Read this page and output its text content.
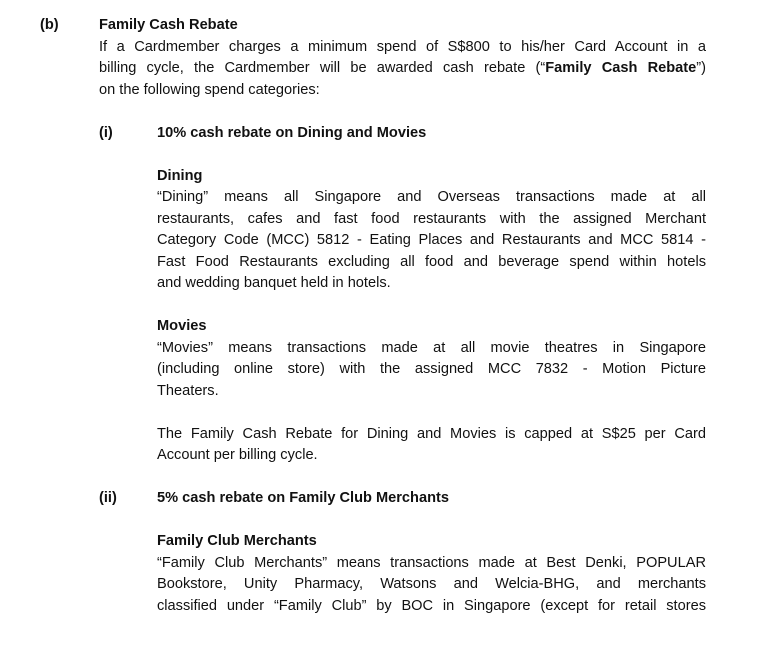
(b)	Family Cash Rebate
If a Cardmember charges a minimum spend of S$800 to his/her Card Account in a
billing cycle, the Cardmember will be awarded cash rebate (“Family Cash Rebate”)
on the following spend categories:
(i)	10% cash rebate on Dining and Movies
Dining
“Dining” means all Singapore and Overseas transactions made at all
restaurants, cafes and fast food restaurants with the assigned Merchant
Category Code (MCC) 5812 - Eating Places and Restaurants and MCC 5814 -
Fast Food Restaurants excluding all food and beverage spend within hotels
and wedding banquet held in hotels.
Movies
“Movies” means transactions made at all movie theatres in Singapore
(including online store) with the assigned MCC 7832 - Motion Picture
Theaters.
The Family Cash Rebate for Dining and Movies is capped at S$25 per Card
Account per billing cycle.
(ii)	5% cash rebate on Family Club Merchants
Family Club Merchants
“Family Club Merchants” means transactions made at Best Denki, POPULAR
Bookstore, Unity Pharmacy, Watsons and Welcia-BHG, and merchants
classified under “Family Club” by BOC in Singapore (except for retail stores
